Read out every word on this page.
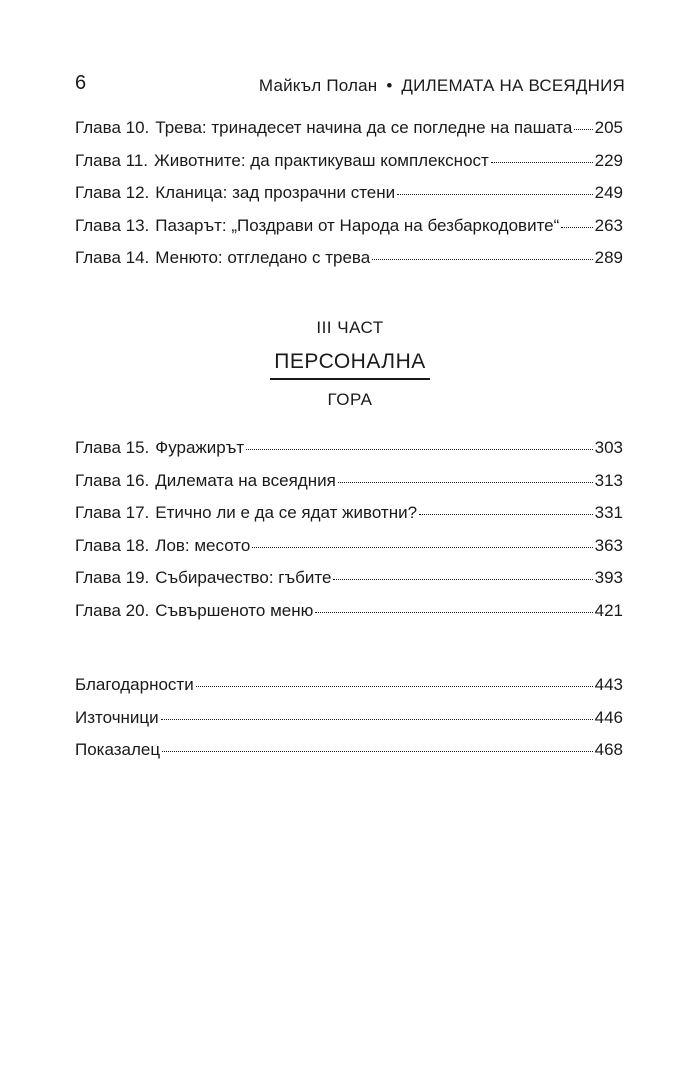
6	Майкъл Полан • ДИЛЕМАТА НА ВСЕЯДНИЯ
Глава 10. Трева: тринадесет начина да се погледне на пашата 205
Глава 11. Животните: да практикуваш комплексност	229
Глава 12. Кланица: зад прозрачни стени	249
Глава 13. Пазарът: „Поздрави от Народа на безбаркодовите“ 263
Глава 14. Менюто: отгледано с трева	289
III ЧАСТ
ПЕРСОНАЛНА
ГОРА
Глава 15. Фуражирът	303
Глава 16. Дилемата на всеядния	313
Глава 17. Етично ли е да се ядат животни?	331
Глава 18. Лов: месото	363
Глава 19. Събирачество: гъбите	393
Глава 20. Съвършеното меню	421
Благодарности	443
Източници	446
Показалец	468
